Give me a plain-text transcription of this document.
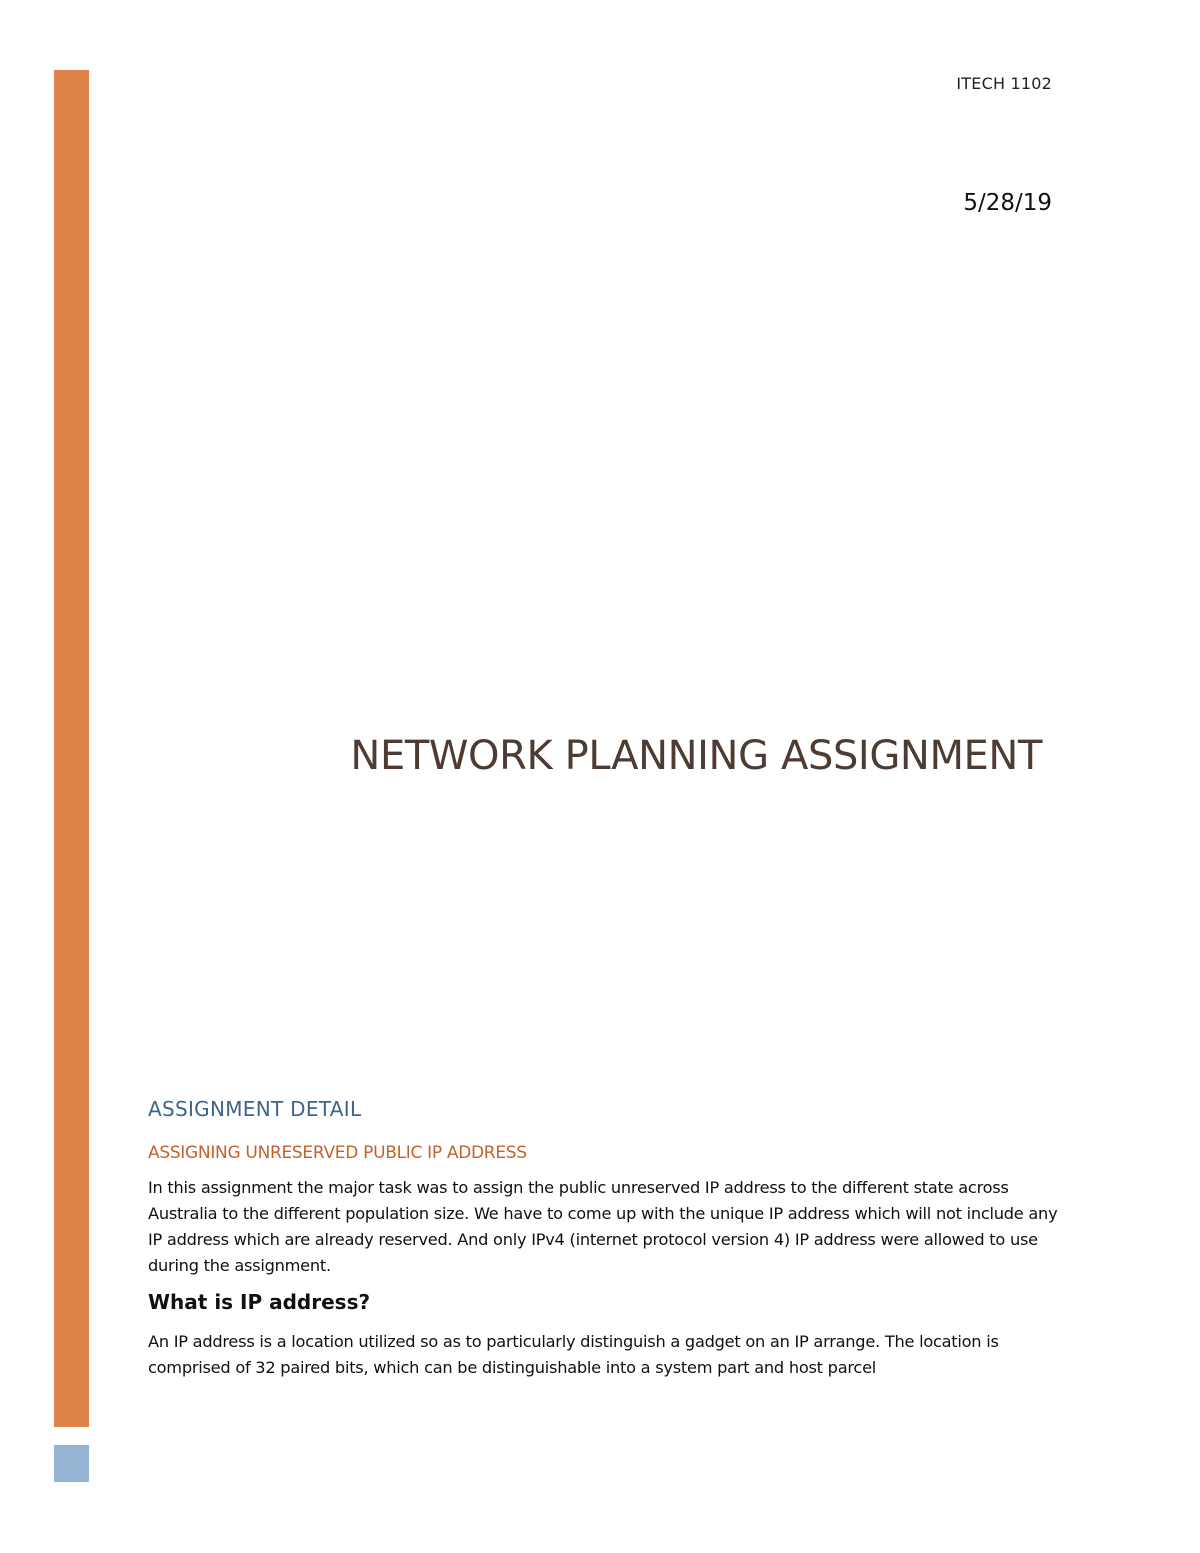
ITECH 1102
5/28/19
NETWORK PLANNING ASSIGNMENT
ASSIGNMENT DETAIL
ASSIGNING UNRESERVED PUBLIC IP ADDRESS

In this assignment the major task was to assign the public unreserved IP address to the different state across Australia to the different population size. We have to come up with the unique IP address which will not include any IP address which are already reserved. And only IPv4 (internet protocol version 4) IP address were allowed to use during the assignment.

What is IP address?

An IP address is a location utilized so as to particularly distinguish a gadget on an IP arrange. The location is comprised of 32 paired bits, which can be distinguishable into a system part and host parcel
